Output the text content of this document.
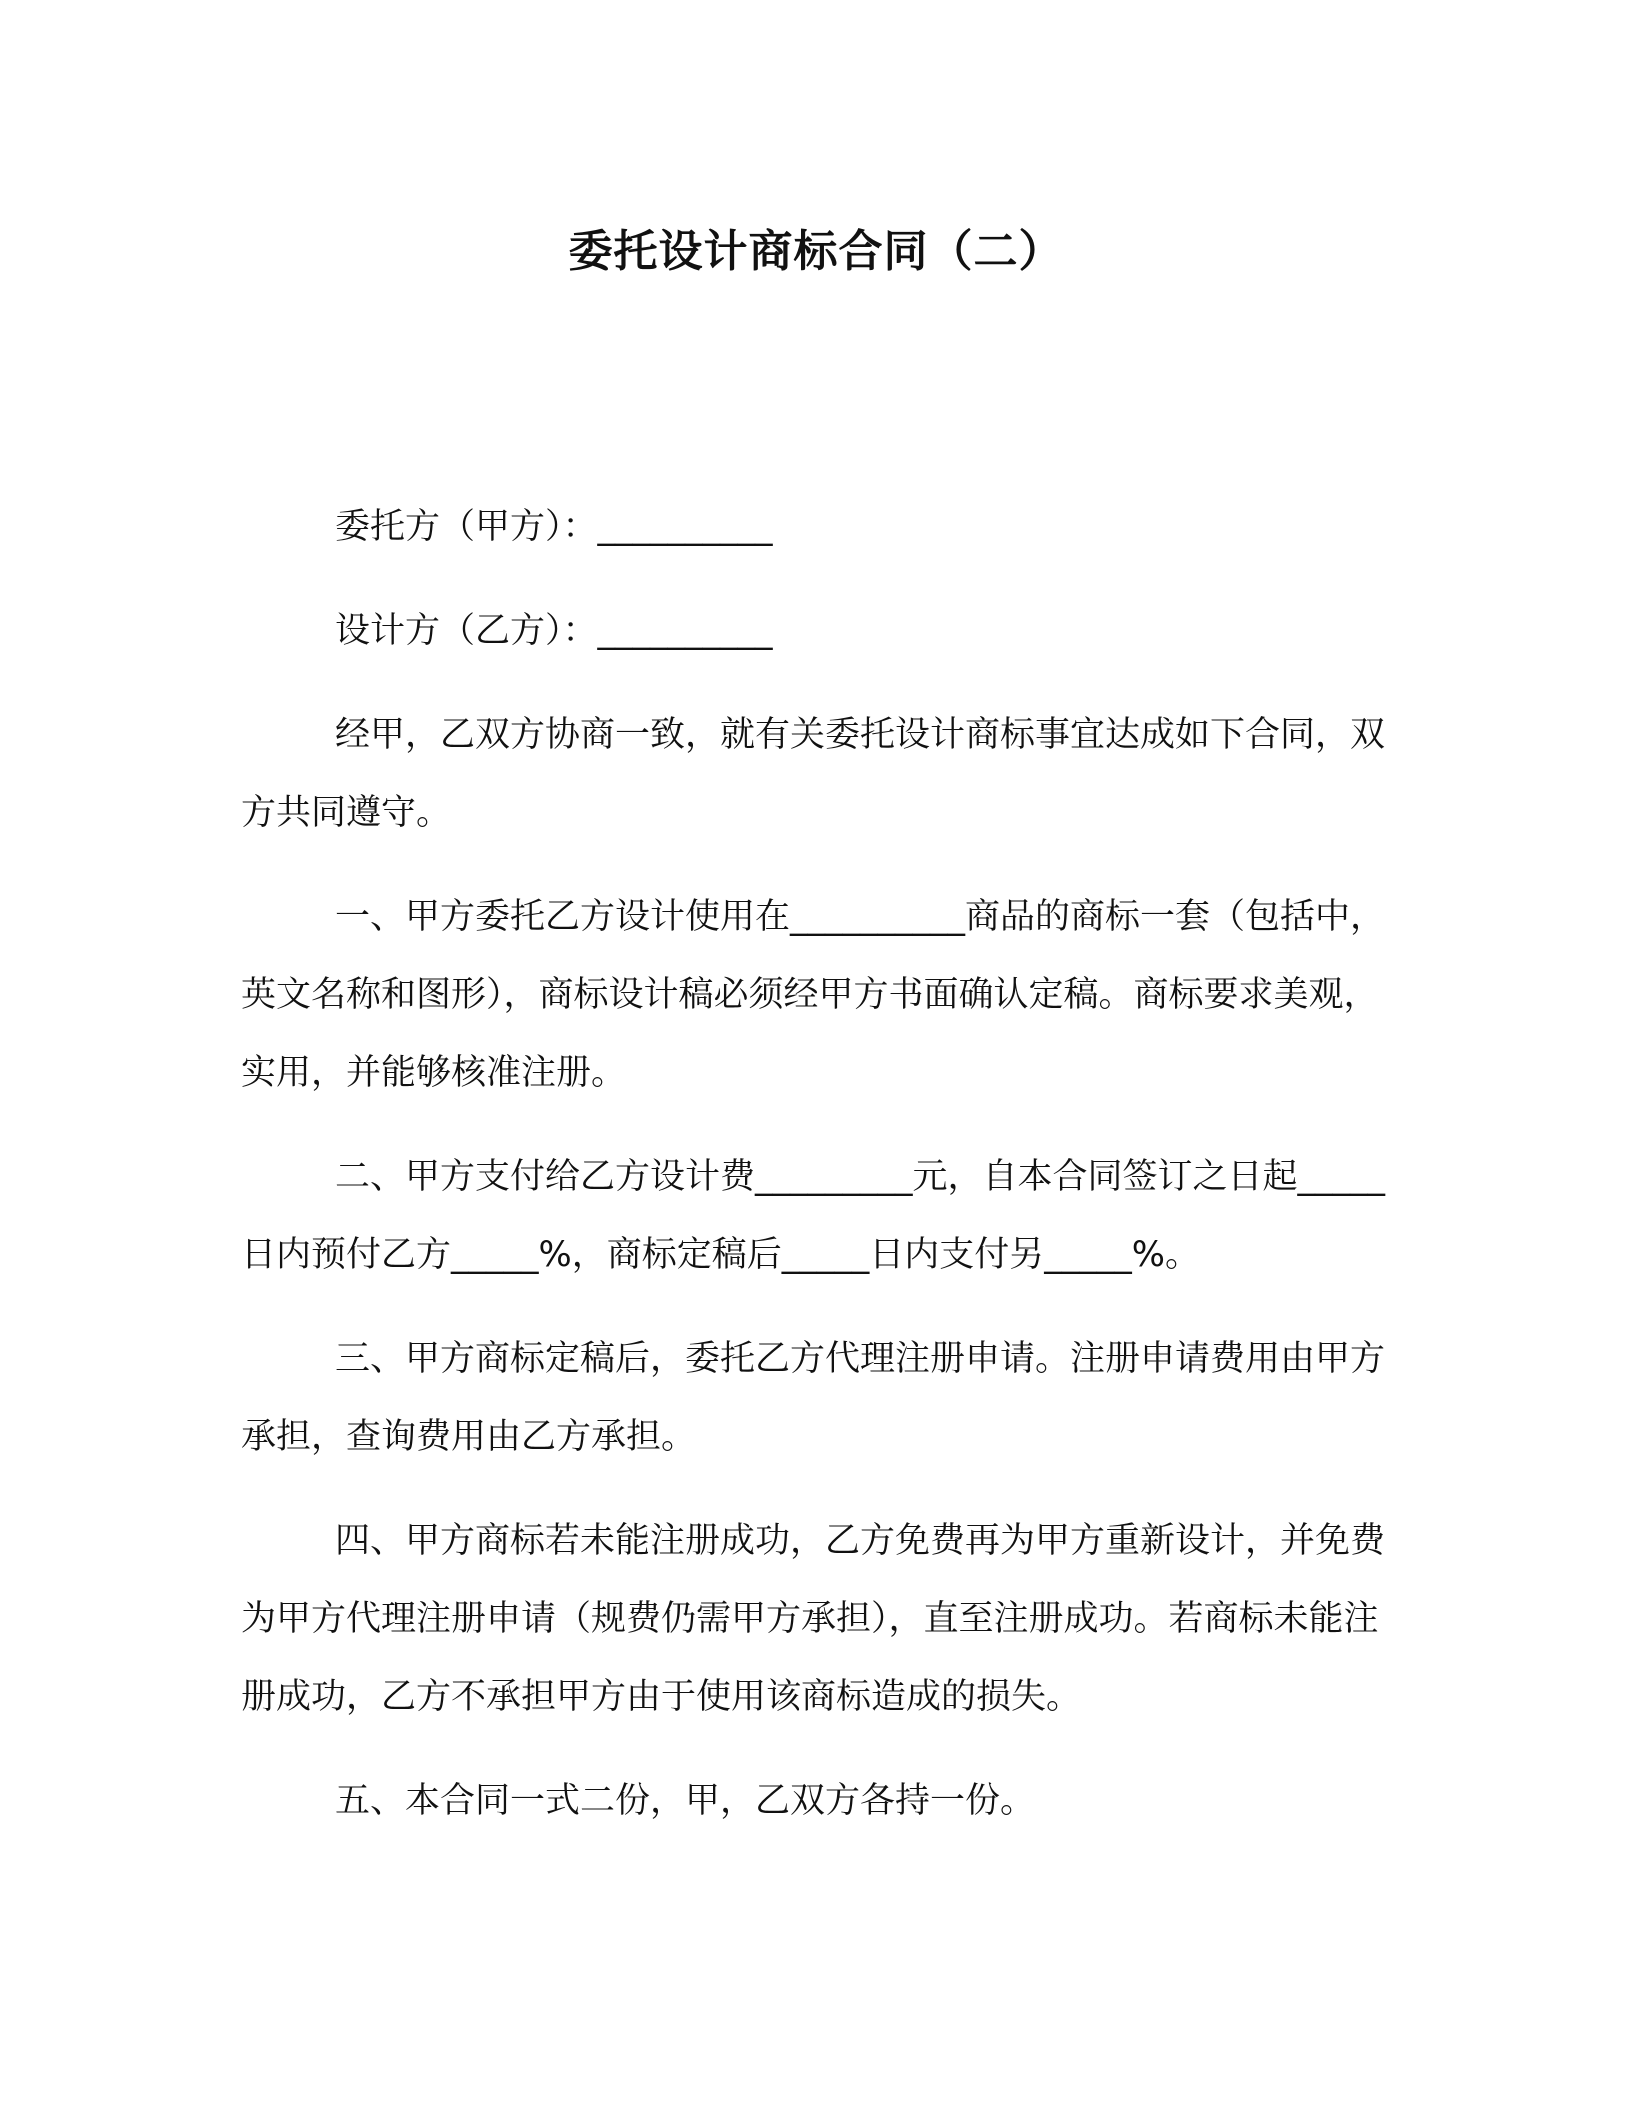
委托设计商标合同（二）

委托方（甲方）：__________

设计方（乙方）：__________

经甲，乙双方协商一致，就有关委托设计商标事宜达成如下合同，双方共同遵守。

一、甲方委托乙方设计使用在__________商品的商标一套（包括中，英文名称和图形），商标设计稿必须经甲方书面确认定稿。商标要求美观，实用，并能够核准注册。

二、甲方支付给乙方设计费_________元，自本合同签订之日起_____日内预付乙方_____%，商标定稿后_____日内支付另_____%。

三、甲方商标定稿后，委托乙方代理注册申请。注册申请费用由甲方承担，查询费用由乙方承担。

四、甲方商标若未能注册成功，乙方免费再为甲方重新设计，并免费为甲方代理注册申请（规费仍需甲方承担），直至注册成功。若商标未能注册成功，乙方不承担甲方由于使用该商标造成的损失。

五、本合同一式二份，甲，乙双方各持一份。
